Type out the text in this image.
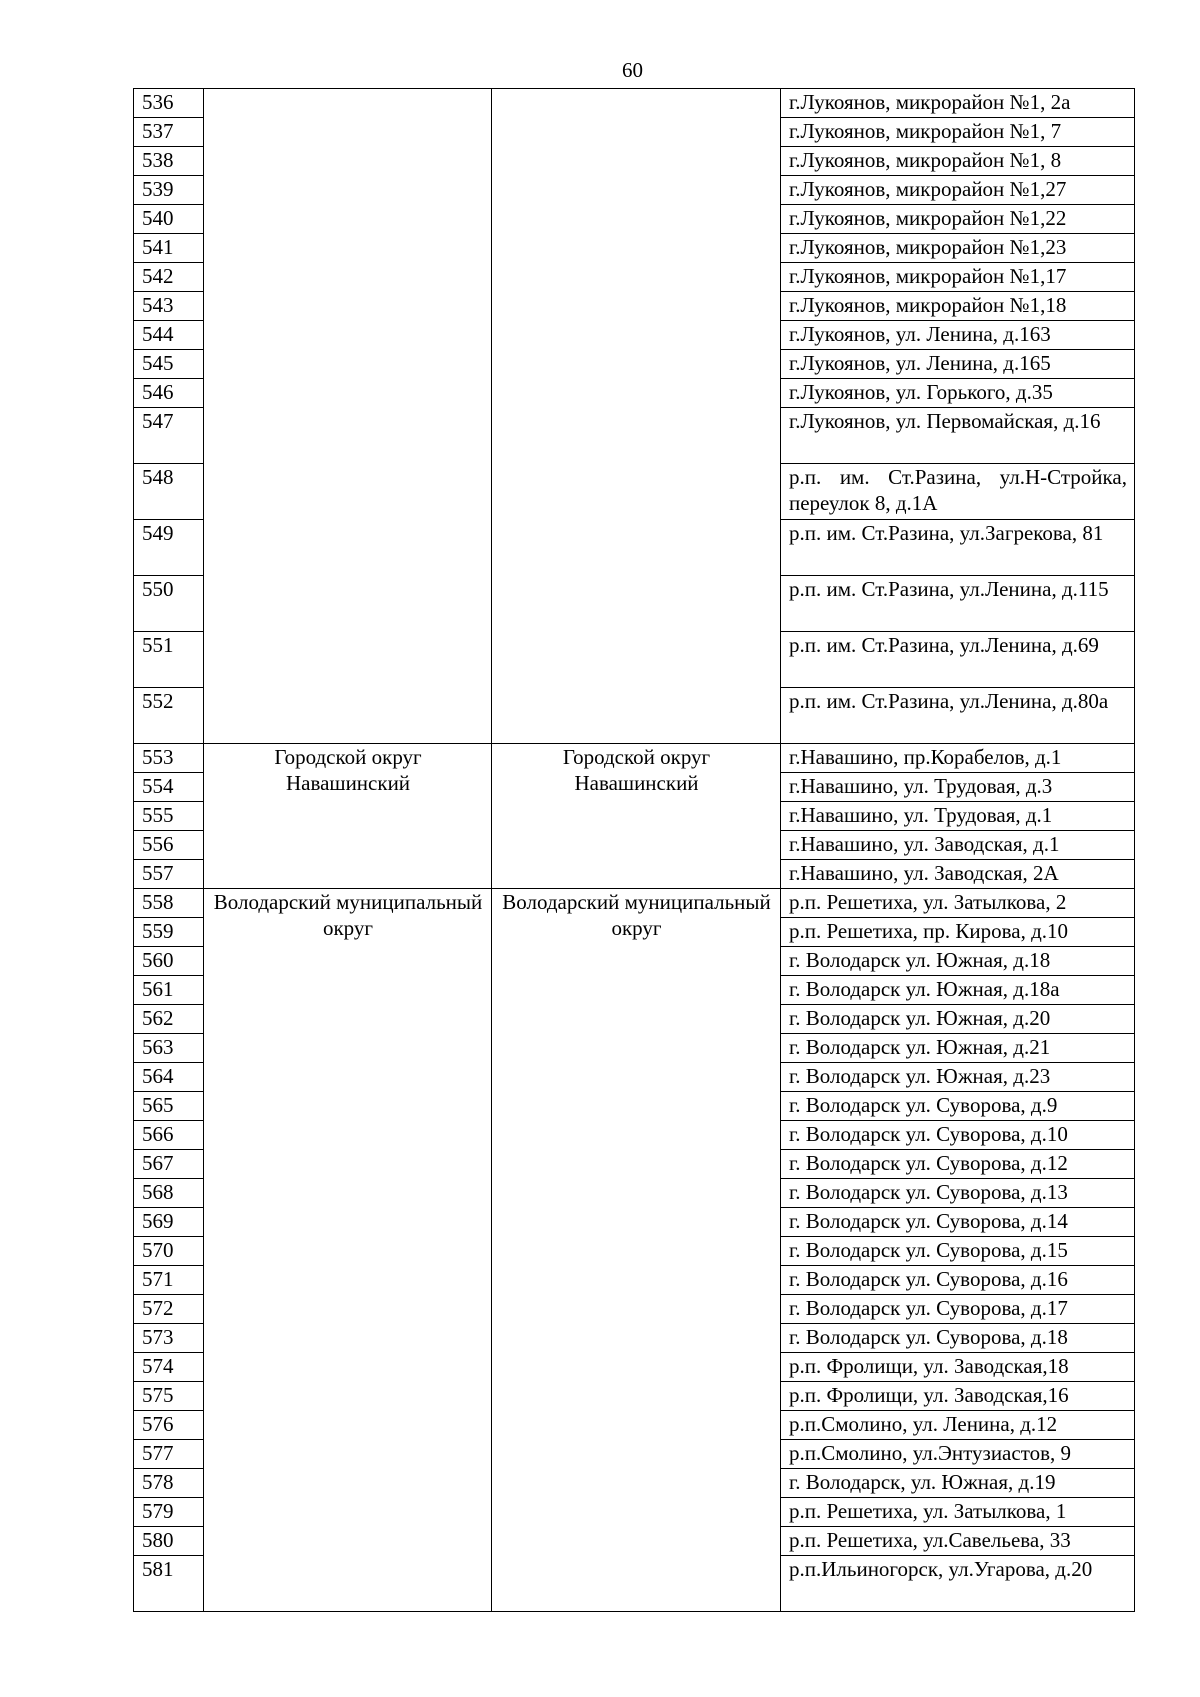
60
536			г.Лукоянов, микрорайон №1, 2а
537			г.Лукоянов, микрорайон №1, 7
538			г.Лукоянов, микрорайон №1, 8
539			г.Лукоянов, микрорайон №1,27
540			г.Лукоянов, микрорайон №1,22
541			г.Лукоянов, микрорайон №1,23
542			г.Лукоянов, микрорайон №1,17
543			г.Лукоянов, микрорайон №1,18
544			г.Лукоянов, ул. Ленина, д.163
545			г.Лукоянов, ул. Ленина, д.165
546			г.Лукоянов, ул. Горького, д.35
547			г.Лукоянов, ул. Первомайская, д.16
548			р.п. им. Ст.Разина, ул.Н-Стройка, переулок 8, д.1А
549			р.п. им. Ст.Разина, ул.Загрекова, 81
550			р.п. им. Ст.Разина, ул.Ленина, д.115
551			р.п. им. Ст.Разина, ул.Ленина, д.69
552			р.п. им. Ст.Разина, ул.Ленина, д.80а
553	Городской округ Навашинский	Городской округ Навашинский	г.Навашино, пр.Корабелов, д.1
554			г.Навашино, ул. Трудовая, д.3
555			г.Навашино, ул. Трудовая, д.1
556			г.Навашино, ул. Заводская, д.1
557			г.Навашино, ул. Заводская, 2А
558	Володарский муниципальный округ	Володарский муниципальный округ	р.п. Решетиха, ул. Затылкова, 2
559			р.п. Решетиха, пр. Кирова, д.10
560			г. Володарск ул. Южная, д.18
561			г. Володарск ул. Южная, д.18а
562			г. Володарск ул. Южная, д.20
563			г. Володарск ул. Южная, д.21
564			г. Володарск ул. Южная, д.23
565			г. Володарск ул. Суворова, д.9
566			г. Володарск ул. Суворова, д.10
567			г. Володарск ул. Суворова, д.12
568			г. Володарск ул. Суворова, д.13
569			г. Володарск ул. Суворова, д.14
570			г. Володарск ул. Суворова, д.15
571			г. Володарск ул. Суворова, д.16
572			г. Володарск ул. Суворова, д.17
573			г. Володарск ул. Суворова, д.18
574			р.п. Фролищи, ул. Заводская,18
575			р.п. Фролищи, ул. Заводская,16
576			р.п.Смолино, ул. Ленина, д.12
577			р.п.Смолино, ул.Энтузиастов, 9
578			г. Володарск, ул. Южная, д.19
579			р.п. Решетиха, ул. Затылкова, 1
580			р.п. Решетиха, ул.Савельева, 33
581			р.п.Ильиногорск, ул.Угарова, д.20
